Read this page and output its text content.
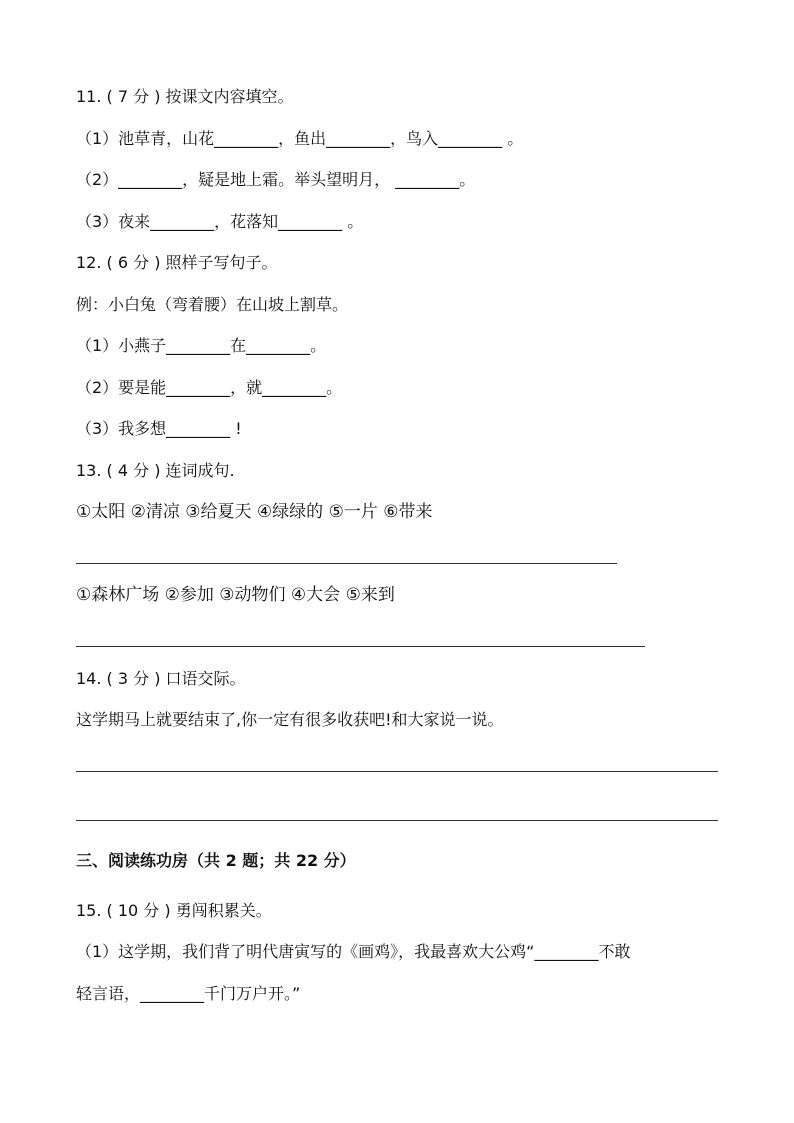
11. ( 7 分 ) 按课文内容填空。
（1）池草青，山花________，鱼出________，鸟入________ 。
（2）________，疑是地上霜。举头望明月， ________。
（3）夜来________，花落知________ 。
12. ( 6 分 ) 照样子写句子。
例：小白兔（弯着腰）在山坡上割草。
（1）小燕子________在________。
（2）要是能________，就________。
（3）我多想________ !
13. ( 4 分 ) 连词成句.
①太阳 ②清凉 ③给夏天 ④绿绿的 ⑤一片 ⑥带来
①森林广场 ②参加 ③动物们 ④大会 ⑤来到
14. ( 3 分 ) 口语交际。
这学期马上就要结束了,你一定有很多收获吧!和大家说一说。
三、阅读练功房（共 2 题；共 22 分）
15. ( 10 分 ) 勇闯积累关。
（1）这学期，我们背了明代唐寅写的《画鸡》，我最喜欢大公鸡“________不敢
轻言语，________千门万户开。”
